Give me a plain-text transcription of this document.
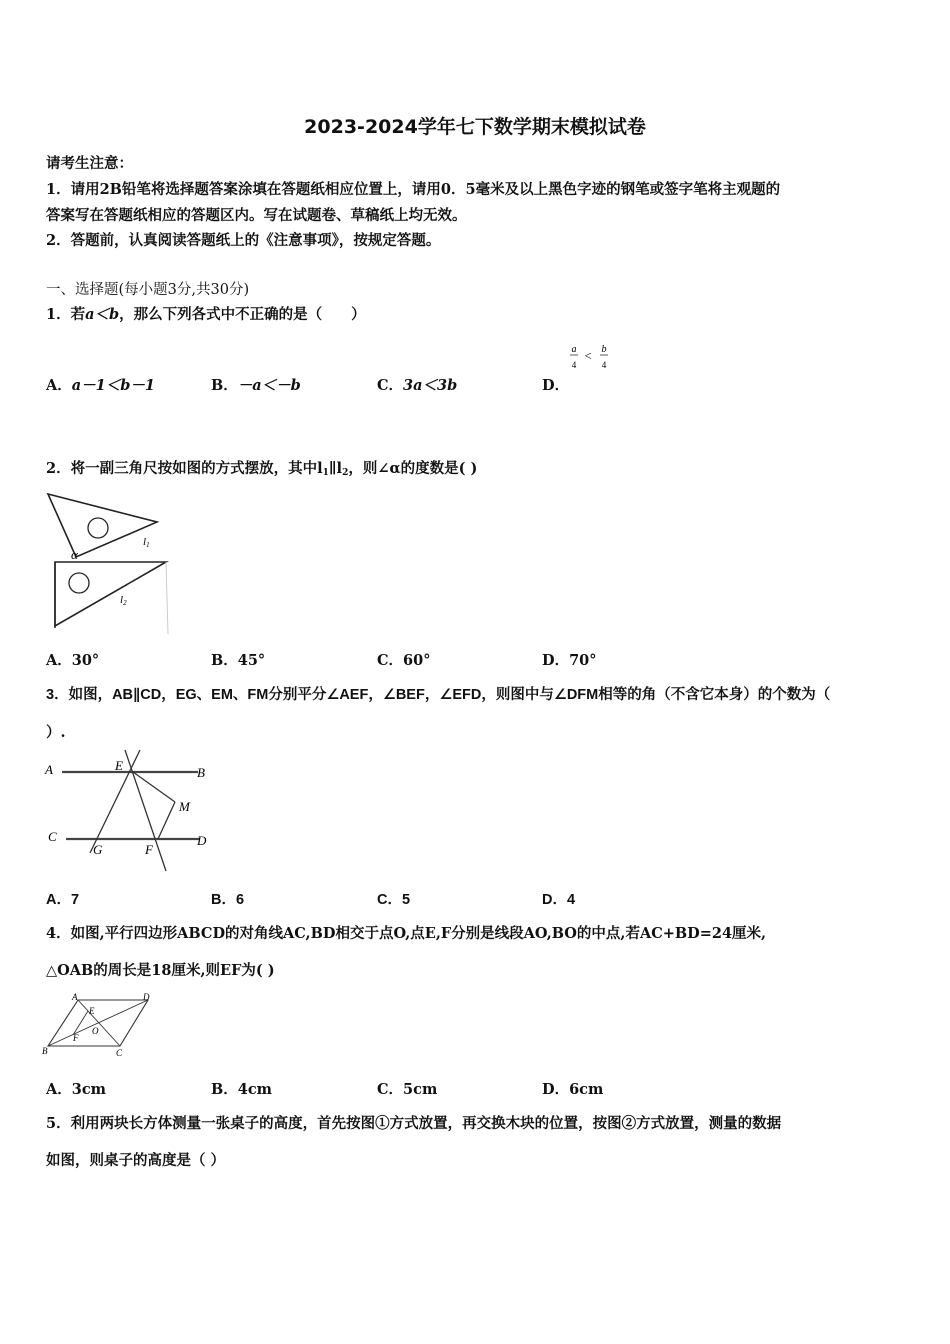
2023-2024学年七下数学期末模拟试卷
请考生注意：
1．请用2B铅笔将选择题答案涂填在答题纸相应位置上，请用0．5毫米及以上黑色字迹的钢笔或签字笔将主观题的
答案写在答题纸相应的答题区内。写在试题卷、草稿纸上均无效。
2．答题前，认真阅读答题纸上的《注意事项》，按规定答题。
一、选择题(每小题3分,共30分)
1．若a＜b，那么下列各式中不正确的是（　　）
A．a－1＜b－1	B．－a＜－b	C．3a＜3b	D．
a
4
< b
4
2．将一副三角尺按如图的方式摆放，其中$l_1\parallel l_2$，则∠α的度数是( )
α
l1
l2
A．30°	B．45°	C．60°	D．70°
3．如图，AB∥CD，EG、EM、FM分别平分∠AEF，∠BEF，∠EFD，则图中与∠DFM相等的角（不含它本身）的个数为（
）.
A	E	B
M
C
G	F
D
A．7	B．6	C．5	D．4
4．如图,平行四边形ABCD的对角线AC,BD相交于点O,点E,F分别是线段AO,BO的中点,若AC+BD=24厘米,
△OAB的周长是18厘米,则EF为( )
A	D
E
O
F
B	C
A．3cm	B．4cm	C．5cm	D．6cm
5．利用两块长方体测量一张桌子的高度，首先按图①方式放置，再交换木块的位置，按图②方式放置，测量的数据
如图，则桌子的高度是（ ）
